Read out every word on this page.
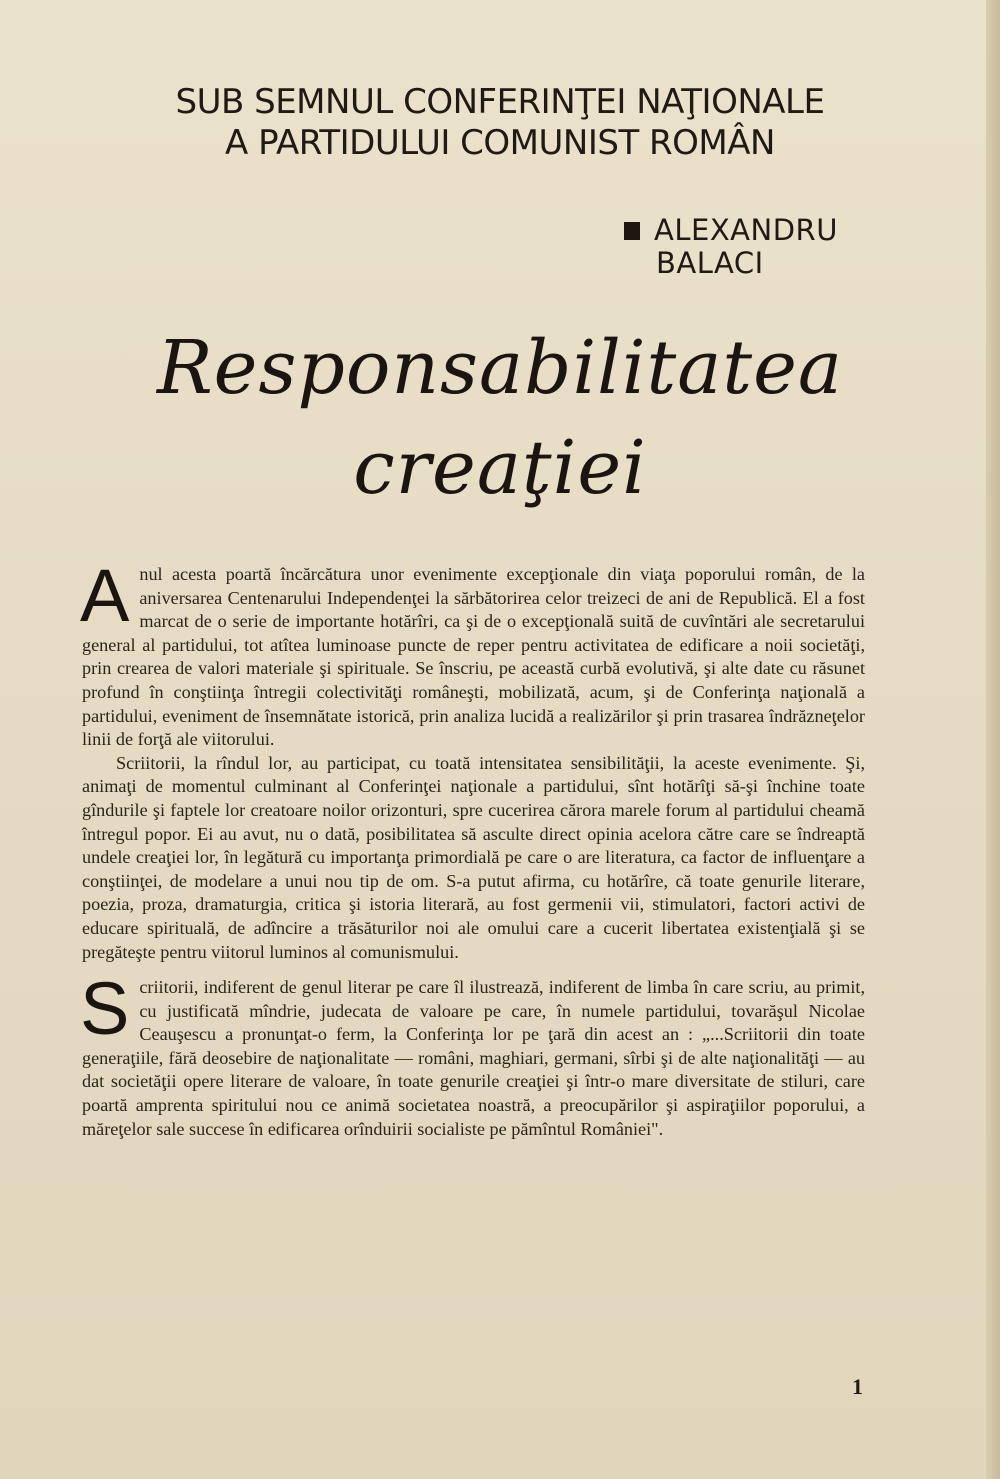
SUB SEMNUL CONFERINŢEI NAŢIONALE
A PARTIDULUI COMUNIST ROMÂN
ALEXANDRU
BALACI
Responsabilitatea
creaţiei

Anul acesta poartă încărcătura unor evenimente excepţionale din viaţa poporului român, de la aniversarea Centenarului Independenţei la sărbătorirea celor treizeci de ani de Republică. El a fost marcat de o serie de importante hotărîri, ca şi de o excepţională suită de cuvîntări ale secretarului general al partidului, tot atîtea luminoase puncte de reper pentru activitatea de edificare a noii societăţi, prin crearea de valori materiale şi spirituale. Se înscriu, pe această curbă evolutivă, şi alte date cu răsunet profund în conştiinţa întregii colectivităţi româneşti, mobilizată, acum, şi de Conferinţa naţională a partidului, eveniment de însemnătate istorică, prin analiza lucidă a realizărilor şi prin trasarea îndrăzneţelor linii de forţă ale viitorului.

Scriitorii, la rîndul lor, au participat, cu toată intensitatea sensibilităţii, la aceste evenimente. Şi, animaţi de momentul culminant al Conferinţei naţionale a partidului, sînt hotărîţi să-şi închine toate gîndurile şi faptele lor creatoare noilor orizonturi, spre cucerirea cărora marele forum al partidului cheamă întregul popor. Ei au avut, nu o dată, posibilitatea să asculte direct opinia acelora către care se îndreaptă undele creaţiei lor, în legătură cu importanţa primordială pe care o are literatura, ca factor de influenţare a conştiinţei, de modelare a unui nou tip de om. S-a putut afirma, cu hotărîre, că toate genurile literare, poezia, proza, dramaturgia, critica şi istoria literară, au fost germenii vii, stimulatori, factori activi de educare spirituală, de adîncire a trăsăturilor noi ale omului care a cucerit libertatea existenţială şi se pregăteşte pentru viitorul luminos al comunismului.

Scriitorii, indiferent de genul literar pe care îl ilustrează, indiferent de limba în care scriu, au primit, cu justificată mîndrie, judecata de valoare pe care, în numele partidului, tovarăşul Nicolae Ceauşescu a pronunţat-o ferm, la Conferinţa lor pe ţară din acest an : „...Scriitorii din toate generaţiile, fără deosebire de naţionalitate — români, maghiari, germani, sîrbi şi de alte naţionalităţi — au dat societăţii opere literare de valoare, în toate genurile creaţiei şi într-o mare diversitate de stiluri, care poartă amprenta spiritului nou ce animă societatea noastră, a preocupărilor şi aspiraţiilor poporului, a măreţelor sale succese în edificarea orînduirii socialiste pe pămîntul României".

1
